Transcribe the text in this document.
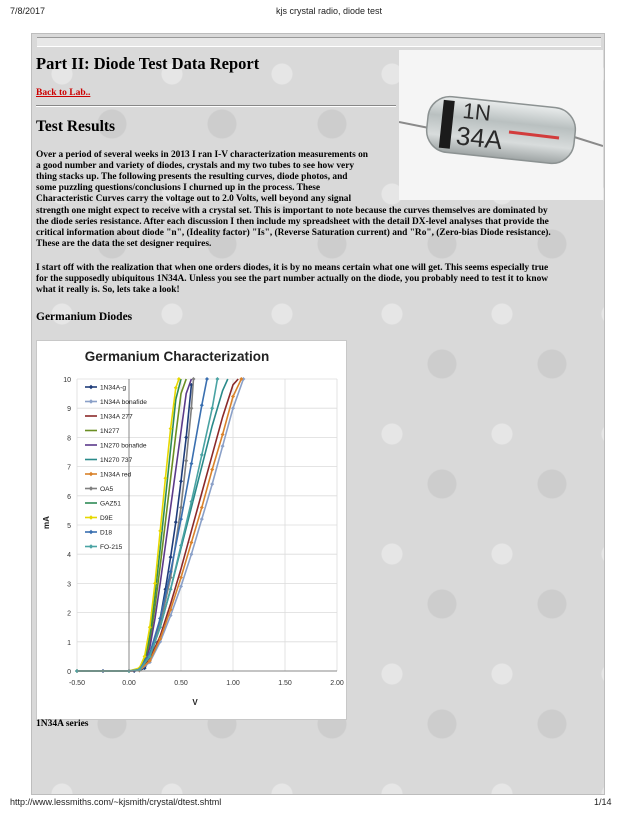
7/8/2017	kjs crystal radio, diode test
1N
34A
Part II: Diode Test Data Report
Back to Lab..
Test Results
Over a period of several weeks in 2013 I ran I-V characterization measurements on
a good number and variety of diodes, crystals and my two tubes to see how very
thing stacks up. The following presents the resulting curves, diode photos, and
some puzzling questions/conclusions I churned up in the process. These
Characteristic Curves carry the voltage out to 2.0 Volts, well beyond any signal
strength one might expect to receive with a crystal set. This is important to note because the curves themselves are dominated by
the diode series resistance. After each discussion I then include my spreadsheet with the detail DX-level analyses that provide the
critical information about diode "n", (Ideality factor) "Is", (Reverse Saturation current) and "Ro", (Zero-bias Diode resistance).
These are the data the set designer requires.
I start off with the realization that when one orders diodes, it is by no means certain what one will get. This seems especially true
for the supposedly ubiquitous 1N34A. Unless you see the part number actually on the diode, you probably need to test it to know
what it really is. So, lets take a look!
Germanium Diodes
Germanium Characterization
0
1
2
3
4
5
6
7
8
9
10
-0.50	0.00	0.50	1.00	1.50	2.00
1N34A-g
1N34A bonafide
1N34A 277
1N277
1N270 bonafide
1N270 737
1N34A red
OA5
GAZ51
D9E
D18
FO-215
mA
V
1N34A series
http://www.lessmiths.com/~kjsmith/crystal/dtest.shtml	1/14
